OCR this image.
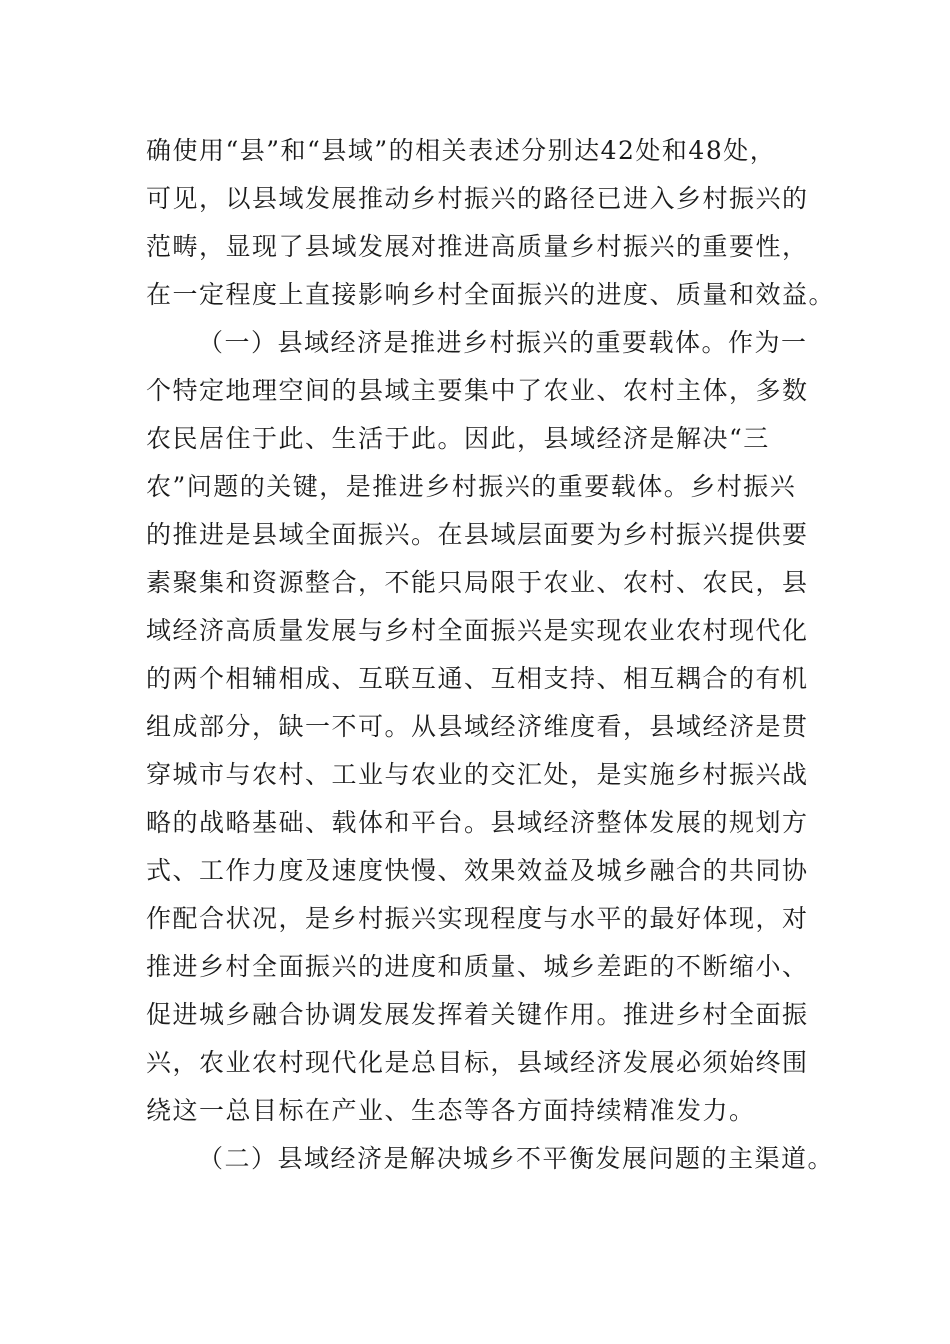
确使用“县”和“县域”的相关表述分别达42处和48处，
可见，以县域发展推动乡村振兴的路径已进入乡村振兴的
范畴，显现了县域发展对推进高质量乡村振兴的重要性，
在一定程度上直接影响乡村全面振兴的进度、质量和效益。
（一）县域经济是推进乡村振兴的重要载体。作为一
个特定地理空间的县域主要集中了农业、农村主体，多数
农民居住于此、生活于此。因此，县域经济是解决“三
农”问题的关键，是推进乡村振兴的重要载体。乡村振兴
的推进是县域全面振兴。在县域层面要为乡村振兴提供要
素聚集和资源整合，不能只局限于农业、农村、农民，县
域经济高质量发展与乡村全面振兴是实现农业农村现代化
的两个相辅相成、互联互通、互相支持、相互耦合的有机
组成部分，缺一不可。从县域经济维度看，县域经济是贯
穿城市与农村、工业与农业的交汇处，是实施乡村振兴战
略的战略基础、载体和平台。县域经济整体发展的规划方
式、工作力度及速度快慢、效果效益及城乡融合的共同协
作配合状况，是乡村振兴实现程度与水平的最好体现，对
推进乡村全面振兴的进度和质量、城乡差距的不断缩小、
促进城乡融合协调发展发挥着关键作用。推进乡村全面振
兴，农业农村现代化是总目标，县域经济发展必须始终围
绕这一总目标在产业、生态等各方面持续精准发力。
（二）县域经济是解决城乡不平衡发展问题的主渠道。
